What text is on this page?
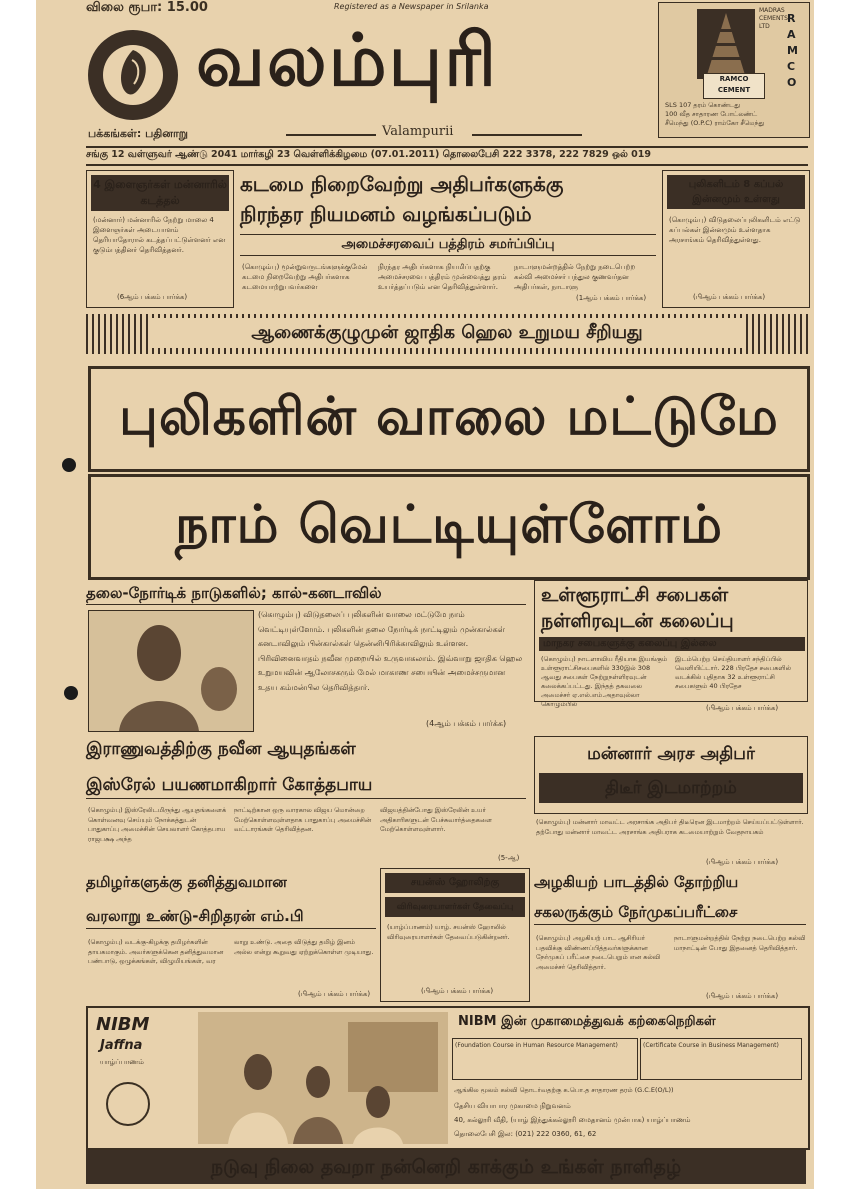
விலை ரூபா: 15.00	Registered as a Newspaper in Srilanka
வலம்புரி
பக்கங்கள்: பதினாறு	Valampurii
RAMCO CEMENT
RAMCO
MADRAS CEMENTS LTD
SLS 107 தரம் கொண்டது
100 வீத சாதாரண போட்லண்ட்
சீமெந்து (O.P.C) ராம்கோ சீமெந்து
சங்கு 12 வள்ளுவர் ஆண்டு 2041 மார்கழி 23 வெள்ளிக்கிழமை (07.01.2011) தொலைபேசி 222 3378, 222 7829 ஒல் 019
4 இளைஞர்கள் மன்னாரில் கடத்தல்
(மன்னார்) மன்னாரில் நேற்று மாலை 4 இளைஞர்கள் அடையாளம் தெரியாதோரால் கடத்தப்பட்டுள்ளனர் என குடும்பத்தினர் தெரிவித்தனர்.
(6ஆம் பக்கம் பார்க்க)
கடமை நிறைவேற்று அதிபர்களுக்கு
நிரந்தர நியமனம் வழங்கப்படும்
அமைச்சரவைப் பத்திரம் சமர்ப்பிப்பு
(கொழும்பு) மூன்றுவருடங்களுக்குமேல் கடமை நிறைவேற்று அதிபர்களாக கடமையாற்றுபவர்களை
நிரந்தர அதிபர்களாக நியமிப்பதற்கு அமைச்சரவை பத்திரம் முன்வைத்து தரம் உயர்த்தப்படும் என தெரிவித்துள்ளார்.
நாடாளுமன்றத்தில் நேற்று நடைபெற்ற கல்வி அமைச்சர் பந்துல குணவர்தன அதிபர்கள், நாடாளு
(1ஆம் பக்கம் பார்க்க)
புலிகளிடம் 8 கப்பல் இன்னமும் உள்ளது
(கொழும்பு) விடுதலைப்புலிகளிடம் எட்டு கப்பல்கள் இன்னமும் உள்ளதாக அரசாங்கம் தெரிவித்துள்ளது.
(பிஆம் பக்கம் பார்க்க)
ஆணைக்குழுமுன் ஜாதிக ஹெல உறுமய சீறியது
புலிகளின் வாலை மட்டுமே
நாம் வெட்டியுள்ளோம்
தலை-நோர்டிக் நாடுகளில்; கால்-கனடாவில்
(கொழும்பு) விடுதலைப் புலிகளின் வாலை மட்டுமே நாம் வெட்டியுள்ளோம். புலிகளின் தலை நோர்டிக் நாட்டிலும் முன்கால்கள் கனடாவிலும் பின்கால்கள் தென்னிபிரிக்காவிலும் உள்ளன. பிரிவினைவாதம் நவீன முறையில் உருவாகலாம். இவ்வாறு ஜாதிக ஹெல உறுமயவின் ஆலோசகரும் மேல் மாகாண சபையின் அமைச்சருமான உதய கம்மன்பில தெரிவித்தார்.
(4ஆம் பக்கம் பார்க்க)
உள்ளூராட்சி சபைகள்
நள்ளிரவுடன் கலைப்பு
மாநகர சபைகளுக்கு கலைப்பு இல்லை
(கொழும்பு) நாடளாவிய ரீதியாக இயங்கும் உள்ளூராட்சிசபைகளில் 330இல் 308 ஆவது சபைகள் நேற்றுநள்ளிரவுடன் கலைக்கப்பட்டது. இந்தத் தகவலை அமைச்சர் ஏ.எல்.எம்.அதாவுல்லா கொழும்பில்
இடம்பெற்ற செய்தியாளர் சந்திப்பில் வெளியிட்டார். 228 பிரதேச சபைகளில் வடக்கில் புதிதாக 32 உள்ளூராட்சி சபைகளும் 40 பிரதேச
(பிஆம் பக்கம் பார்க்க)
இராணுவத்திற்கு நவீன ஆயுதங்கள்
இஸ்ரேல் பயணமாகிறார் கோத்தபாய
(கொழும்பு) இஸ்ரேலிடமிருந்து ஆயுதங்களைக் கொள்வனவு செய்யும் நோக்கத்துடன் பாதுகாப்பு அமைச்சின் செயலாளர் கோத்தபாய ராஜபக்ஷ அந்த
நாட்டிற்கான ஒரு வாரகால விஜய மொன்றை மேற்கொள்ளவுள்ளதாக பாதுகாப்பு அமைச்சின் வட்டாரங்கள் தெரிவித்தன.
விஜயத்தின்போது இஸ்ரேலின் உயர் அதிகாரிகளுடன் பேச்சுவார்த்தைகளை மேற்கொள்ளவுள்ளார்.
(5-ஆ)
மன்னார் அரச அதிபர்
திடீர் இடமாற்றம்
(கொழும்பு) மன்னார் மாவட்ட அரசாங்க அதிபர் திடீரென இடமாற்றம் செய்யப்பட்டுள்ளார். தற்போது மன்னார் மாவட்ட அரசாங்க அதிபராக கடமையாற்றும் வேதநாயகம்
(பிஆம் பக்கம் பார்க்க)
தமிழர்களுக்கு தனித்துவமான
வரலாறு உண்டு-சிறிதரன் எம்.பி
(கொழும்பு) வடக்கு-கிழக்கு தமிழர்களின் தாயகமாகும். அவர்களுக்கென தனித்துவமான பண்பாடு, ஒழுக்கங்கள், விழுமியங்கள், வர
லாறு உண்டு. அதை விடுத்து தமிழ் இனம் அல்ல என்று கூறுவது ஏற்றுக்கொள்ள முடியாது.
(பிஆம் பக்கம் பார்க்க)
சயன்ஸ் ஹோலிற்கு
விரிவுரையாளர்கள் தேவைப்பு
(யாழ்ப்பாணம்) யாழ். சயன்ஸ் ஹோலில் விரிவுரையாளர்கள் தேவைப்படுகின்றனர்.
(பிஆம் பக்கம் பார்க்க)
அழகியற் பாடத்தில் தோற்றிய
சகலருக்கும் நேர்முகப்பரீட்சை
(கொழும்பு) அழகியற் பாட ஆசிரியர் பதவிக்கு விண்ணப்பித்தவர்களுக்கான நேர்முகப் பரீட்சை நடைபெறும் என கல்வி அமைச்சர் தெரிவித்தார்.
நாடாளுமன்றத்தில் நேற்று நடைபெற்ற கல்வி மாநாட்டின் போது இதனைத் தெரிவித்தார்.
(பிஆம் பக்கம் பார்க்க)
NIBM
Jaffna
யாழ்ப்பாணம்
NIBM இன் முகாமைத்துவக் கற்கைநெறிகள்
(Foundation Course in Human Resource Management)	(Certificate Course in Business Management)
ஆங்கில மூலம் கல்வி தொடர்வதற்கு க.பொ.த சாதாரண தரம் (G.C.E(O/L))
தேசிய வியாபார முகாமை நிறுவனம்
40, கல்லூரி வீதி, (யாழ் இந்துக்கல்லூரி மைதானம் முன்பாக) யாழ்ப்பாணம்
தொலைபேசி இல: (021) 222 0360, 61, 62
நடுவு நிலை தவறா நன்னெறி காக்கும் உங்கள் நாளிதழ்
